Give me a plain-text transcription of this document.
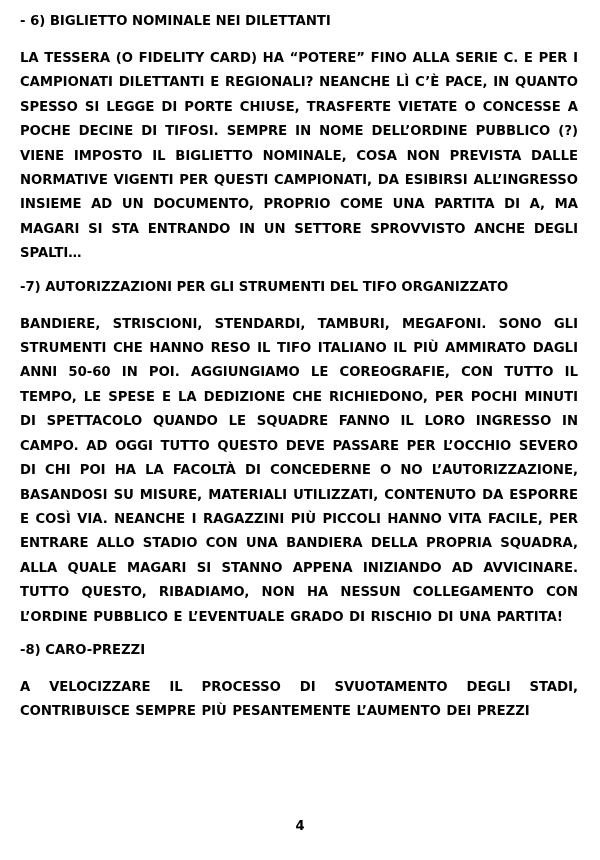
- 6) BIGLIETTO NOMINALE NEI DILETTANTI

LA TESSERA (O FIDELITY CARD) HA “POTERE” FINO ALLA SERIE C. E PER I CAMPIONATI DILETTANTI E REGIONALI? NEANCHE LÌ C’È PACE, IN QUANTO SPESSO SI LEGGE DI PORTE CHIUSE, TRASFERTE VIETATE O CONCESSE A POCHE DECINE DI TIFOSI. SEMPRE IN NOME DELL’ORDINE PUBBLICO (?) VIENE IMPOSTO IL BIGLIETTO NOMINALE, COSA NON PREVISTA DALLE NORMATIVE VIGENTI PER QUESTI CAMPIONATI, DA ESIBIRSI ALL’INGRESSO INSIEME AD UN DOCUMENTO, PROPRIO COME UNA PARTITA DI A, MA MAGARI SI STA ENTRANDO IN UN SETTORE SPROVVISTO ANCHE DEGLI SPALTI…

-7) AUTORIZZAZIONI PER GLI STRUMENTI DEL TIFO ORGANIZZATO

BANDIERE, STRISCIONI, STENDARDI, TAMBURI, MEGAFONI. SONO GLI STRUMENTI CHE HANNO RESO IL TIFO ITALIANO IL PIÙ AMMIRATO DAGLI ANNI 50-60 IN POI. AGGIUNGIAMO LE COREOGRAFIE, CON TUTTO IL TEMPO, LE SPESE E LA DEDIZIONE CHE RICHIEDONO, PER POCHI MINUTI DI SPETTACOLO QUANDO LE SQUADRE FANNO IL LORO INGRESSO IN CAMPO. AD OGGI TUTTO QUESTO DEVE PASSARE PER L’OCCHIO SEVERO DI CHI POI HA LA FACOLTÀ DI CONCEDERNE O NO L’AUTORIZZAZIONE, BASANDOSI SU MISURE, MATERIALI UTILIZZATI, CONTENUTO DA ESPORRE E COSÌ VIA. NEANCHE I RAGAZZINI PIÙ PICCOLI HANNO VITA FACILE, PER ENTRARE ALLO STADIO CON UNA BANDIERA DELLA PROPRIA SQUADRA, ALLA QUALE MAGARI SI STANNO APPENA INIZIANDO AD AVVICINARE. TUTTO QUESTO, RIBADIAMO, NON HA NESSUN COLLEGAMENTO CON L’ORDINE PUBBLICO E L’EVENTUALE GRADO DI RISCHIO DI UNA PARTITA!

-8) CARO-PREZZI

A VELOCIZZARE IL PROCESSO DI SVUOTAMENTO DEGLI STADI, CONTRIBUISCE SEMPRE PIÙ PESANTEMENTE L’AUMENTO DEI PREZZI

4
